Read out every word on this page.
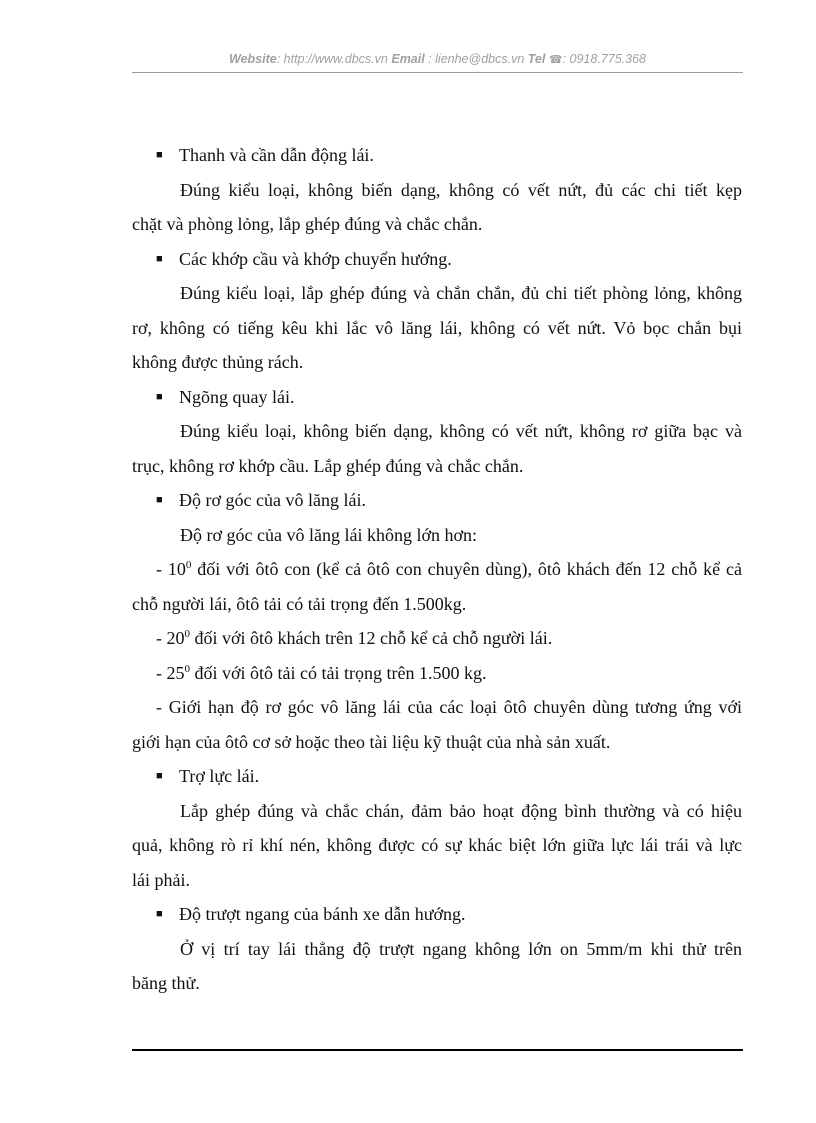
Website: http://www.dbcs.vn Email : lienhe@dbcs.vn Tel ☎: 0918.775.368
■ Thanh và cần dẫn động lái.
Đúng kiểu loại, không biến dạng, không có vết nứt, đủ các chi tiết kẹp
chặt và phòng lỏng, lắp ghép đúng và chắc chắn.
■ Các khớp cầu và khớp chuyển hướng.
Đúng kiểu loại, lắp ghép đúng và chắn chắn, đủ chi tiết phòng lỏng, không
rơ, không có tiếng kêu khi lắc vô lăng lái, không có vết nứt. Vỏ bọc chắn bụi
không được thủng rách.
■ Ngõng quay lái.
Đúng kiểu loại, không biến dạng, không có vết nứt, không rơ giữa bạc và
trục, không rơ khớp cầu. Lắp ghép đúng và chắc chắn.
■ Độ rơ góc của vô lăng lái.
Độ rơ góc của vô lăng lái không lớn hơn:
- $10^0$ đối với ôtô con (kể cả ôtô con chuyên dùng), ôtô khách đến 12 chỗ kể cả
chỗ người lái, ôtô tải có tải trọng đến 1.500kg.
- $20^0$ đối với ôtô khách trên 12 chỗ kể cả chỗ người lái.
- $25^0$ đối với ôtô tải có tải trọng trên 1.500 kg.
- Giới hạn độ rơ góc vô lăng lái của các loại ôtô chuyên dùng tương ứng với
giới hạn của ôtô cơ sở hoặc theo tài liệu kỹ thuật của nhà sản xuất.
■ Trợ lực lái.
Lắp ghép đúng và chắc chán, đảm bảo hoạt động bình thường và có hiệu
quả, không rò rỉ khí nén, không được có sự khác biệt lớn giữa lực lái trái và lực
lái phải.
■ Độ trượt ngang của bánh xe dẫn hướng.
Ở vị trí tay lái thẳng độ trượt ngang không lớn on 5mm/m khi thử trên
băng thử.
